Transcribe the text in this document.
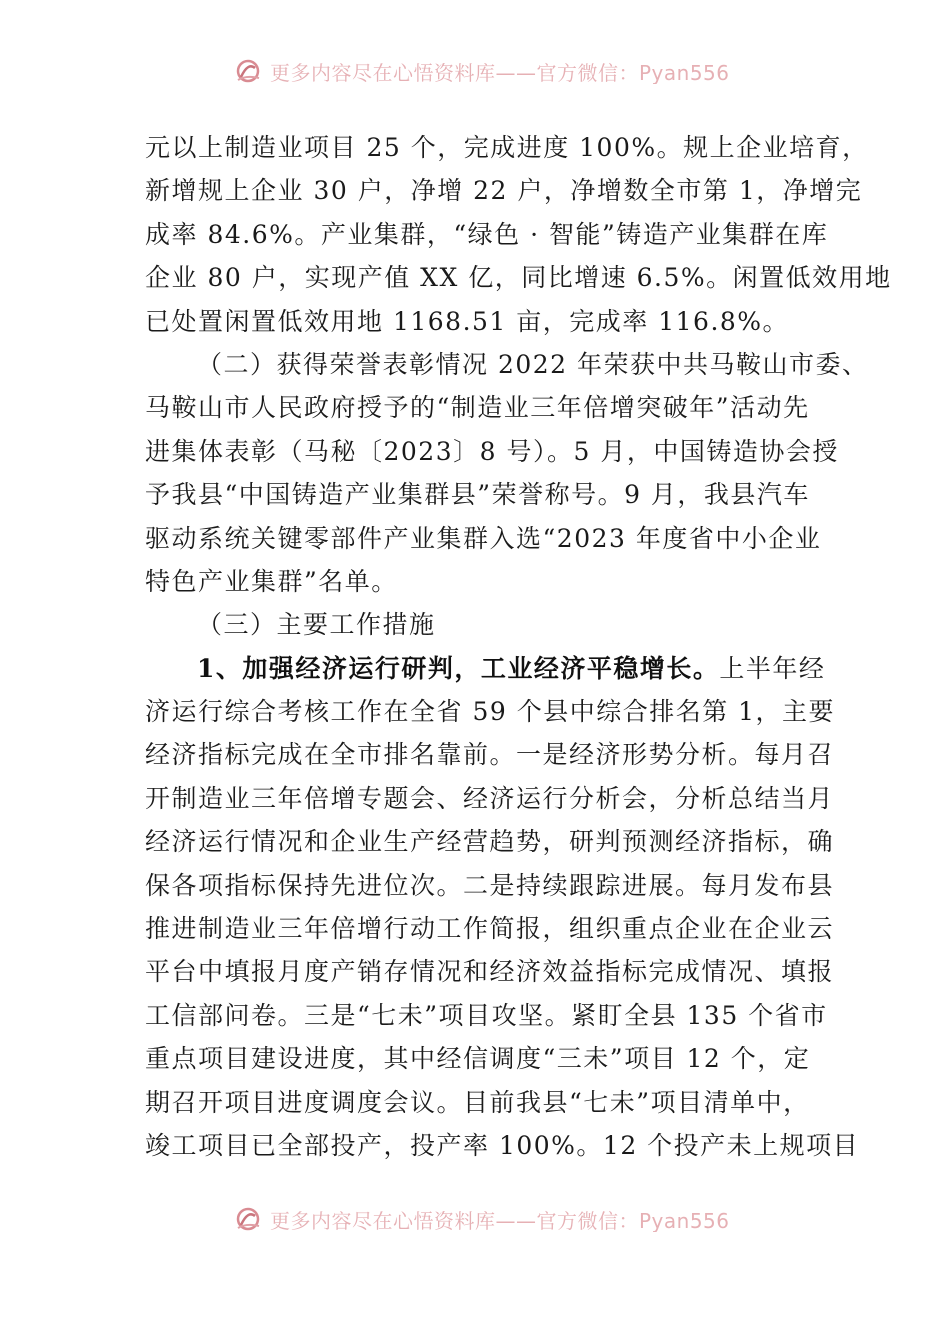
更多内容尽在心悟资料库——官方微信：Pyan556
元以上制造业项目 25 个，完成进度 100%。规上企业培育，
新增规上企业 30 户，净增 22 户，净增数全市第 1，净增完
成率 84.6%。产业集群，“绿色 · 智能”铸造产业集群在库
企业 80 户，实现产值 XX 亿，同比增速 6.5%。闲置低效用地
已处置闲置低效用地 1168.51 亩，完成率 116.8%。
（二）获得荣誉表彰情况 2022 年荣获中共马鞍山市委、
马鞍山市人民政府授予的“制造业三年倍增突破年”活动先
进集体表彰（马秘〔2023〕8 号）。5 月，中国铸造协会授
予我县“中国铸造产业集群县”荣誉称号。9 月，我县汽车
驱动系统关键零部件产业集群入选“2023 年度省中小企业
特色产业集群”名单。
（三）主要工作措施
1、加强经济运行研判，工业经济平稳增长。上半年经
济运行综合考核工作在全省 59 个县中综合排名第 1，主要
经济指标完成在全市排名靠前。一是经济形势分析。每月召
开制造业三年倍增专题会、经济运行分析会，分析总结当月
经济运行情况和企业生产经营趋势，研判预测经济指标，确
保各项指标保持先进位次。二是持续跟踪进展。每月发布县
推进制造业三年倍增行动工作简报，组织重点企业在企业云
平台中填报月度产销存情况和经济效益指标完成情况、填报
工信部问卷。三是“七未”项目攻坚。紧盯全县 135 个省市
重点项目建设进度，其中经信调度“三未”项目 12 个，定
期召开项目进度调度会议。目前我县“七未”项目清单中，
竣工项目已全部投产，投产率 100%。12 个投产未上规项目
更多内容尽在心悟资料库——官方微信：Pyan556
